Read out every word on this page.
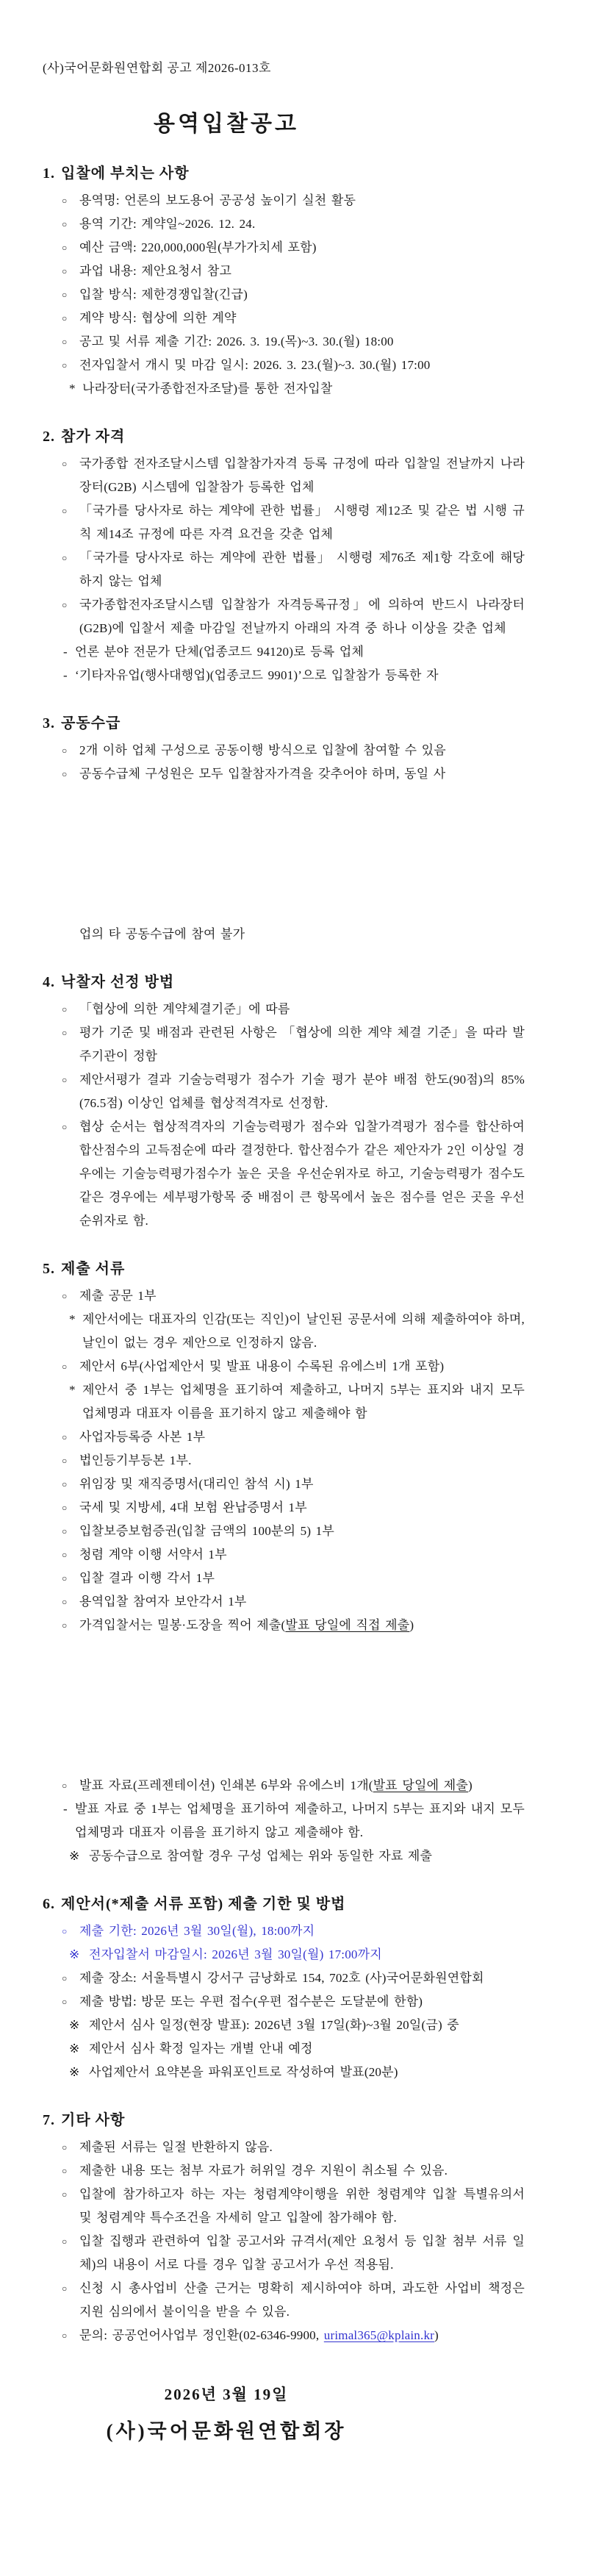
(사)국어문화원연합회 공고 제2026-013호
용역입찰공고
1. 입찰에 부치는 사항
○ 용역명: 언론의 보도용어 공공성 높이기 실천 활동
○ 용역 기간: 계약일~2026. 12. 24.
○ 예산 금액: 220,000,000원(부가가치세 포함)
○ 과업 내용: 제안요청서 참고
○ 입찰 방식: 제한경쟁입찰(긴급)
○ 계약 방식: 협상에 의한 계약
○ 공고 및 서류 제출 기간: 2026. 3. 19.(목)~3. 30.(월) 18:00
○ 전자입찰서 개시 및 마감 일시: 2026. 3. 23.(월)~3. 30.(월) 17:00
* 나라장터(국가종합전자조달)를 통한 전자입찰
2. 참가 자격
○ 국가종합 전자조달시스템 입찰참가자격 등록 규정에 따라 입찰일 전날까지 나라장터(G2B) 시스템에 입찰참가 등록한 업체
○ 「국가를 당사자로 하는 계약에 관한 법률」 시행령 제12조 및 같은 법 시행 규칙 제14조 규정에 따른 자격 요건을 갖춘 업체
○ 「국가를 당사자로 하는 계약에 관한 법률」 시행령 제76조 제1항 각호에 해당하지 않는 업체
○ 국가종합전자조달시스템 입찰참가 자격등록규정」에 의하여 반드시 나라장터(G2B)에 입찰서 제출 마감일 전날까지 아래의 자격 중 하나 이상을 갖춘 업체
- 언론 분야 전문가 단체(업종코드 94120)로 등록 업체
- ‘기타자유업(행사대행업)(업종코드 9901)’으로 입찰참가 등록한 자
3. 공동수급
○ 2개 이하 업체 구성으로 공동이행 방식으로 입찰에 참여할 수 있음
○ 공동수급체 구성원은 모두 입찰참자가격을 갖추어야 하며, 동일 사
업의 타 공동수급에 참여 불가
4. 낙찰자 선정 방법
○ 「협상에 의한 계약체결기준」에 따름
○ 평가 기준 및 배점과 관련된 사항은 「협상에 의한 계약 체결 기준」을 따라 발주기관이 정함
○ 제안서평가 결과 기술능력평가 점수가 기술 평가 분야 배점 한도(90점)의 85%(76.5점) 이상인 업체를 협상적격자로 선정함.
○ 협상 순서는 협상적격자의 기술능력평가 점수와 입찰가격평가 점수를 합산하여 합산점수의 고득점순에 따라 결정한다. 합산점수가 같은 제안자가 2인 이상일 경우에는 기술능력평가점수가 높은 곳을 우선순위자로 하고, 기술능력평가 점수도 같은 경우에는 세부평가항목 중 배점이 큰 항목에서 높은 점수를 얻은 곳을 우선 순위자로 함.
5. 제출 서류
○ 제출 공문 1부
* 제안서에는 대표자의 인감(또는 직인)이 날인된 공문서에 의해 제출하여야 하며, 날인이 없는 경우 제안으로 인정하지 않음.
○ 제안서 6부(사업제안서 및 발표 내용이 수록된 유에스비 1개 포함)
* 제안서 중 1부는 업체명을 표기하여 제출하고, 나머지 5부는 표지와 내지 모두 업체명과 대표자 이름을 표기하지 않고 제출해야 함
○ 사업자등록증 사본 1부
○ 법인등기부등본 1부.
○ 위임장 및 재직증명서(대리인 참석 시) 1부
○ 국세 및 지방세, 4대 보험 완납증명서 1부
○ 입찰보증보험증권(입찰 금액의 100분의 5) 1부
○ 청렴 계약 이행 서약서 1부
○ 입찰 결과 이행 각서 1부
○ 용역입찰 참여자 보안각서 1부
○ 가격입찰서는 밀봉·도장을 찍어 제출(발표 당일에 직접 제출)
○ 발표 자료(프레젠테이션) 인쇄본 6부와 유에스비 1개(발표 당일에 제출)
- 발표 자료 중 1부는 업체명을 표기하여 제출하고, 나머지 5부는 표지와 내지 모두 업체명과 대표자 이름을 표기하지 않고 제출해야 함.
※ 공동수급으로 참여할 경우 구성 업체는 위와 동일한 자료 제출
6. 제안서(*제출 서류 포함) 제출 기한 및 방법
○ 제출 기한: 2026년 3월 30일(월), 18:00까지
※ 전자입찰서 마감일시: 2026년 3월 30일(월) 17:00까지
○ 제출 장소: 서울특별시 강서구 금낭화로 154, 702호 (사)국어문화원연합회
○ 제출 방법: 방문 또는 우편 접수(우편 접수분은 도달분에 한함)
※ 제안서 심사 일정(현장 발표): 2026년 3월 17일(화)~3월 20일(금) 중
※ 제안서 심사 확정 일자는 개별 안내 예정
※ 사업제안서 요약본을 파워포인트로 작성하여 발표(20분)
7. 기타 사항
○ 제출된 서류는 일절 반환하지 않음.
○ 제출한 내용 또는 첨부 자료가 허위일 경우 지원이 취소될 수 있음.
○ 입찰에 참가하고자 하는 자는 청렴계약이행을 위한 청렴계약 입찰 특별유의서 및 청렴계약 특수조건을 자세히 알고 입찰에 참가해야 함.
○ 입찰 집행과 관련하여 입찰 공고서와 규격서(제안 요청서 등 입찰 첨부 서류 일체)의 내용이 서로 다를 경우 입찰 공고서가 우선 적용됨.
○ 신청 시 총사업비 산출 근거는 명확히 제시하여야 하며, 과도한 사업비 책정은 지원 심의에서 불이익을 받을 수 있음.
○ 문의: 공공언어사업부 정인환(02-6346-9900, urimal365@kplain.kr)
2026년 3월 19일
(사)국어문화원연합회장
